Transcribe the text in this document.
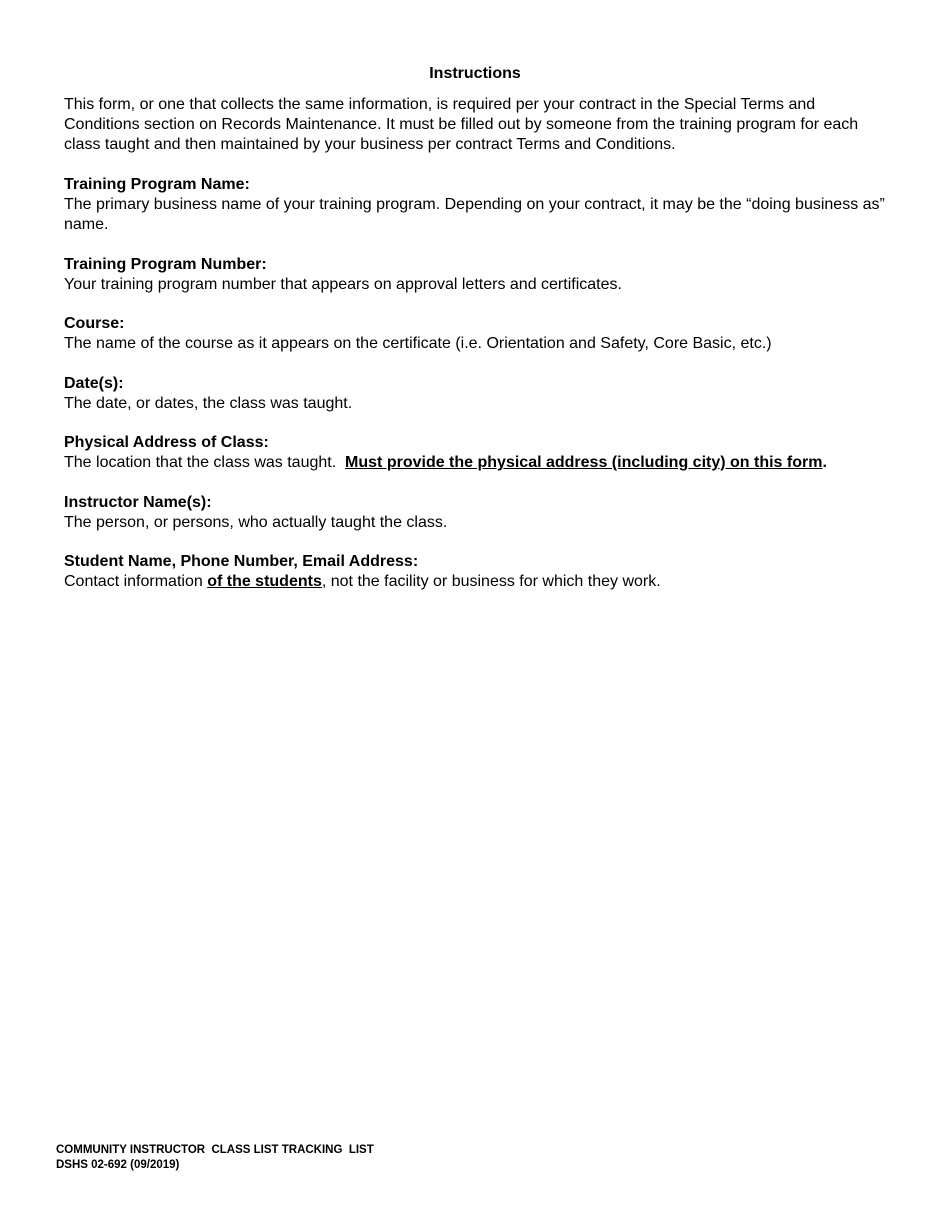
Instructions

This form, or one that collects the same information, is required per your contract in the Special Terms and Conditions section on Records Maintenance. It must be filled out by someone from the training program for each class taught and then maintained by your business per contract Terms and Conditions.

Training Program Name:

The primary business name of your training program. Depending on your contract, it may be the “doing business as” name.

Training Program Number:

Your training program number that appears on approval letters and certificates.

Course:

The name of the course as it appears on the certificate (i.e. Orientation and Safety, Core Basic, etc.)

Date(s):

The date, or dates, the class was taught.

Physical Address of Class:

The location that the class was taught.  Must provide the physical address (including city) on this form.

Instructor Name(s):

The person, or persons, who actually taught the class.

Student Name, Phone Number, Email Address:

Contact information of the students, not the facility or business for which they work.

COMMUNITY INSTRUCTOR  CLASS LIST TRACKING  LIST
DSHS 02-692 (09/2019)
